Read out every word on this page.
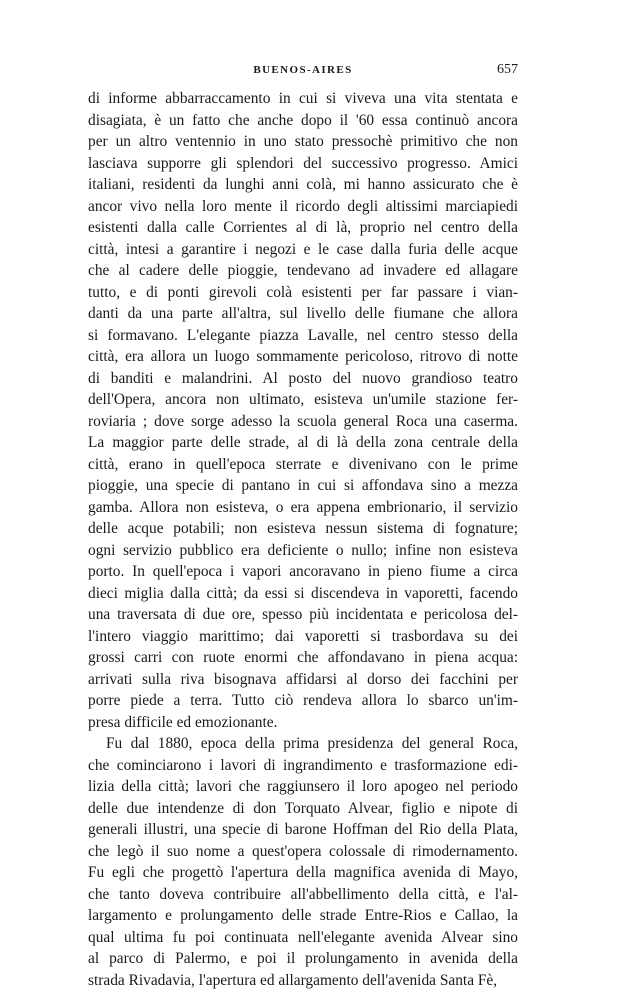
BUENOS-AIRES	657
di informe abbarraccamento in cui si viveva una vita stentata e
disagiata, è un fatto che anche dopo il '60 essa continuò ancora
per un altro ventennio in uno stato pressochè primitivo che non
lasciava supporre gli splendori del successivo progresso. Amici
italiani, residenti da lunghi anni colà, mi hanno assicurato che è
ancor vivo nella loro mente il ricordo degli altissimi marciapiedi
esistenti dalla calle Corrientes al di là, proprio nel centro della
città, intesi a garantire i negozi e le case dalla furia delle acque
che al cadere delle pioggie, tendevano ad invadere ed allagare
tutto, e di ponti girevoli colà esistenti per far passare i vian-
danti da una parte all'altra, sul livello delle fiumane che allora
si formavano. L'elegante piazza Lavalle, nel centro stesso della
città, era allora un luogo sommamente pericoloso, ritrovo di notte
di banditi e malandrini. Al posto del nuovo grandioso teatro
dell'Opera, ancora non ultimato, esisteva un'umile stazione fer-
roviaria ; dove sorge adesso la scuola general Roca una caserma.
La maggior parte delle strade, al di là della zona centrale della
città, erano in quell'epoca sterrate e divenivano con le prime
pioggie, una specie di pantano in cui si affondava sino a mezza
gamba. Allora non esisteva, o era appena embrionario, il servizio
delle acque potabili; non esisteva nessun sistema di fognature;
ogni servizio pubblico era deficiente o nullo; infine non esisteva
porto. In quell'epoca i vapori ancoravano in pieno fiume a circa
dieci miglia dalla città; da essi si discendeva in vaporetti, facendo
una traversata di due ore, spesso più incidentata e pericolosa del-
l'intero viaggio marittimo; dai vaporetti si trasbordava su dei
grossi carri con ruote enormi che affondavano in piena acqua:
arrivati sulla riva bisognava affidarsi al dorso dei facchini per
porre piede a terra. Tutto ciò rendeva allora lo sbarco un'im-
presa difficile ed emozionante.
Fu dal 1880, epoca della prima presidenza del general Roca,
che cominciarono i lavori di ingrandimento e trasformazione edi-
lizia della città; lavori che raggiunsero il loro apogeo nel periodo
delle due intendenze di don Torquato Alvear, figlio e nipote di
generali illustri, una specie di barone Hoffman del Rio della Plata,
che legò il suo nome a quest'opera colossale di rimodernamento.
Fu egli che progettò l'apertura della magnifica avenida di Mayo,
che tanto doveva contribuire all'abbellimento della città, e l'al-
largamento e prolungamento delle strade Entre-Rios e Callao, la
qual ultima fu poi continuata nell'elegante avenida Alvear sino
al parco di Palermo, e poi il prolungamento in avenida della
strada Rivadavia, l'apertura ed allargamento dell'avenida Santa Fè,
